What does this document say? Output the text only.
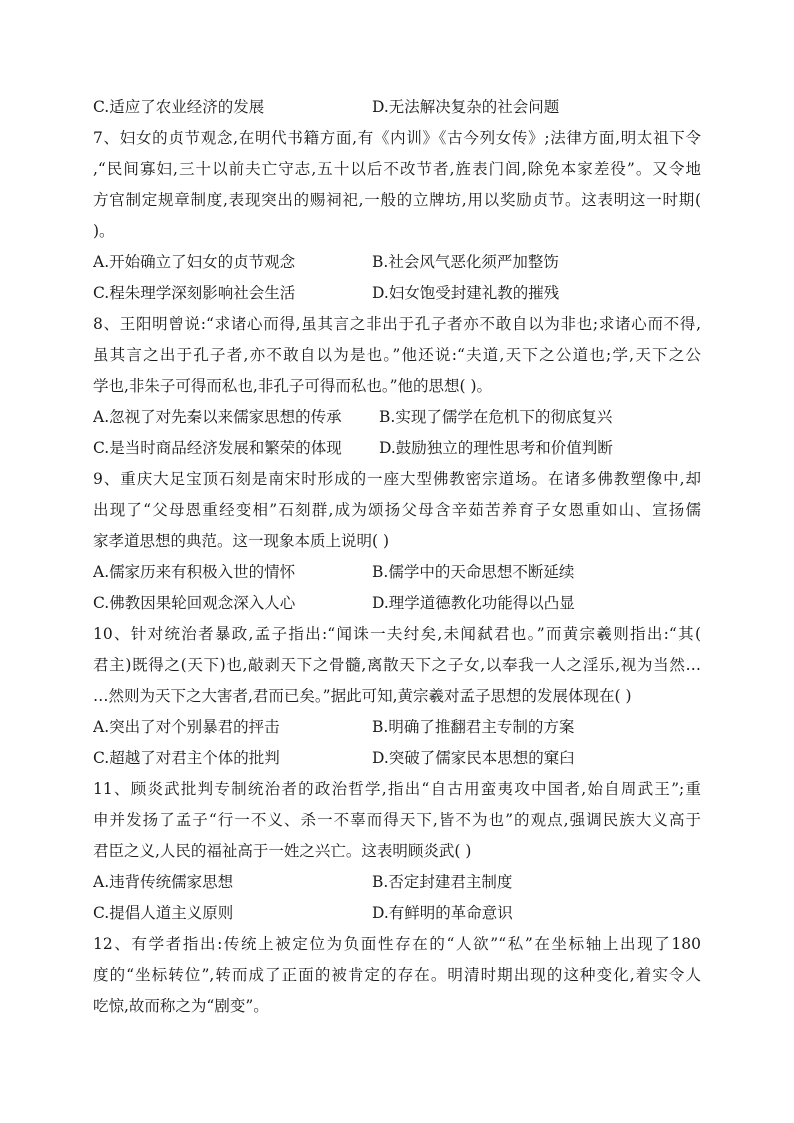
C.适应了农业经济的发展	D.无法解决复杂的社会问题
7、妇女的贞节观念,在明代书籍方面,有《内训》《古今列女传》;法律方面,明太祖下令
,“民间寡妇,三十以前夫亡守志,五十以后不改节者,旌表门闾,除免本家差役”。又令地
方官制定规章制度,表现突出的赐祠祀,一般的立牌坊,用以奖励贞节。这表明这一时期(
)。
A.开始确立了妇女的贞节观念	B.社会风气恶化须严加整饬
C.程朱理学深刻影响社会生活	D.妇女饱受封建礼教的摧残
8、王阳明曾说:“求诸心而得,虽其言之非出于孔子者亦不敢自以为非也;求诸心而不得,
虽其言之出于孔子者,亦不敢自以为是也。”他还说:“夫道,天下之公道也;学,天下之公
学也,非朱子可得而私也,非孔子可得而私也。”他的思想( )。
A.忽视了对先秦以来儒家思想的传承	B.实现了儒学在危机下的彻底复兴
C.是当时商品经济发展和繁荣的体现	D.鼓励独立的理性思考和价值判断
9、重庆大足宝顶石刻是南宋时形成的一座大型佛教密宗道场。在诸多佛教塑像中,却
出现了“父母恩重经变相”石刻群,成为颂扬父母含辛茹苦养育子女恩重如山、宣扬儒
家孝道思想的典范。这一现象本质上说明( )
A.儒家历来有积极入世的情怀	B.儒学中的天命思想不断延续
C.佛教因果轮回观念深入人心	D.理学道德教化功能得以凸显
10、针对统治者暴政,孟子指出:“闻诛一夫纣矣,未闻弑君也。”而黄宗羲则指出:“其(
君主)既得之(天下)也,敲剥天下之骨髓,离散天下之子女,以奉我一人之淫乐,视为当然…
…然则为天下之大害者,君而已矣。”据此可知,黄宗羲对孟子思想的发展体现在( )
A.突出了对个别暴君的抨击	B.明确了推翻君主专制的方案
C.超越了对君主个体的批判	D.突破了儒家民本思想的窠臼
11、顾炎武批判专制统治者的政治哲学,指出“自古用蛮夷攻中国者,始自周武王”;重
申并发扬了孟子“行一不义、杀一不辜而得天下,皆不为也”的观点,强调民族大义高于
君臣之义,人民的福祉高于一姓之兴亡。这表明顾炎武( )
A.违背传统儒家思想	B.否定封建君主制度
C.提倡人道主义原则	D.有鲜明的革命意识
12、有学者指出:传统上被定位为负面性存在的“人欲”“私”在坐标轴上出现了180
度的“坐标转位”,转而成了正面的被肯定的存在。明清时期出现的这种变化,着实令人
吃惊,故而称之为“剧变”。
